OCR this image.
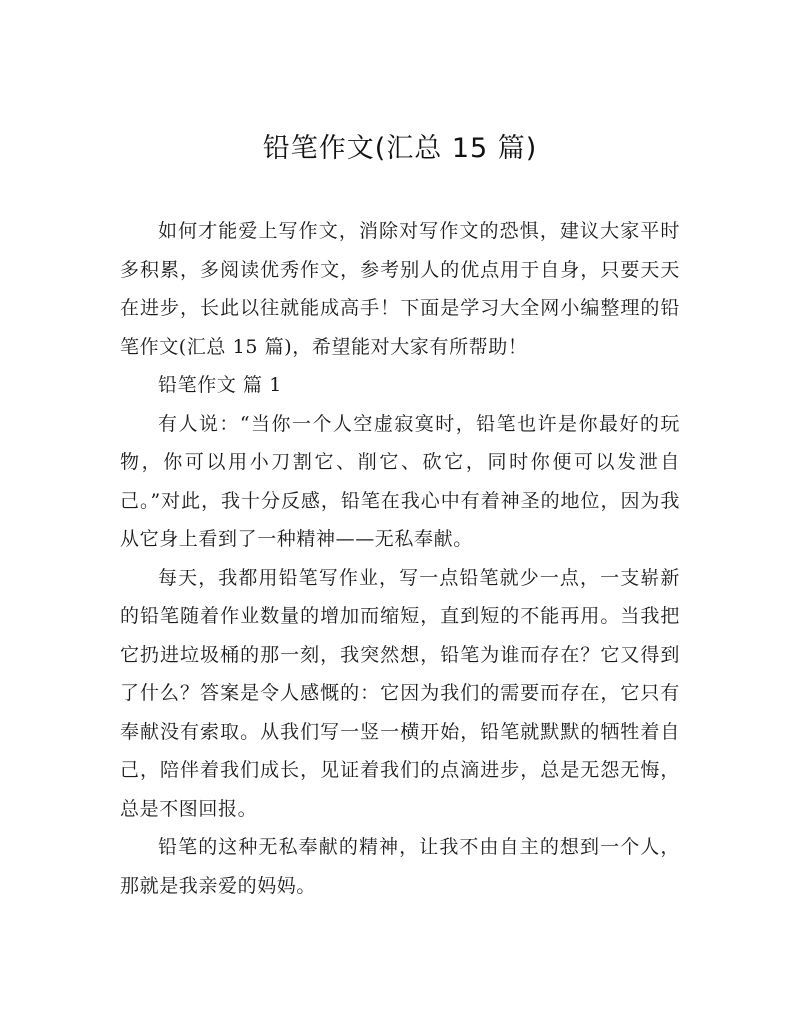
铅笔作文(汇总 15 篇)

如何才能爱上写作文，消除对写作文的恐惧，建议大家平时多积累，多阅读优秀作文，参考别人的优点用于自身，只要天天在进步，长此以往就能成高手！下面是学习大全网小编整理的铅笔作文(汇总 15 篇)，希望能对大家有所帮助！

铅笔作文 篇 1

有人说：“当你一个人空虚寂寞时，铅笔也许是你最好的玩物，你可以用小刀割它、削它、砍它，同时你便可以发泄自己。”对此，我十分反感，铅笔在我心中有着神圣的地位，因为我从它身上看到了一种精神——无私奉献。

每天，我都用铅笔写作业，写一点铅笔就少一点，一支崭新的铅笔随着作业数量的增加而缩短，直到短的不能再用。当我把它扔进垃圾桶的那一刻，我突然想，铅笔为谁而存在？它又得到了什么？答案是令人感慨的：它因为我们的需要而存在，它只有奉献没有索取。从我们写一竖一横开始，铅笔就默默的牺牲着自己，陪伴着我们成长，见证着我们的点滴进步，总是无怨无悔，总是不图回报。

铅笔的这种无私奉献的精神，让我不由自主的想到一个人，那就是我亲爱的妈妈。
